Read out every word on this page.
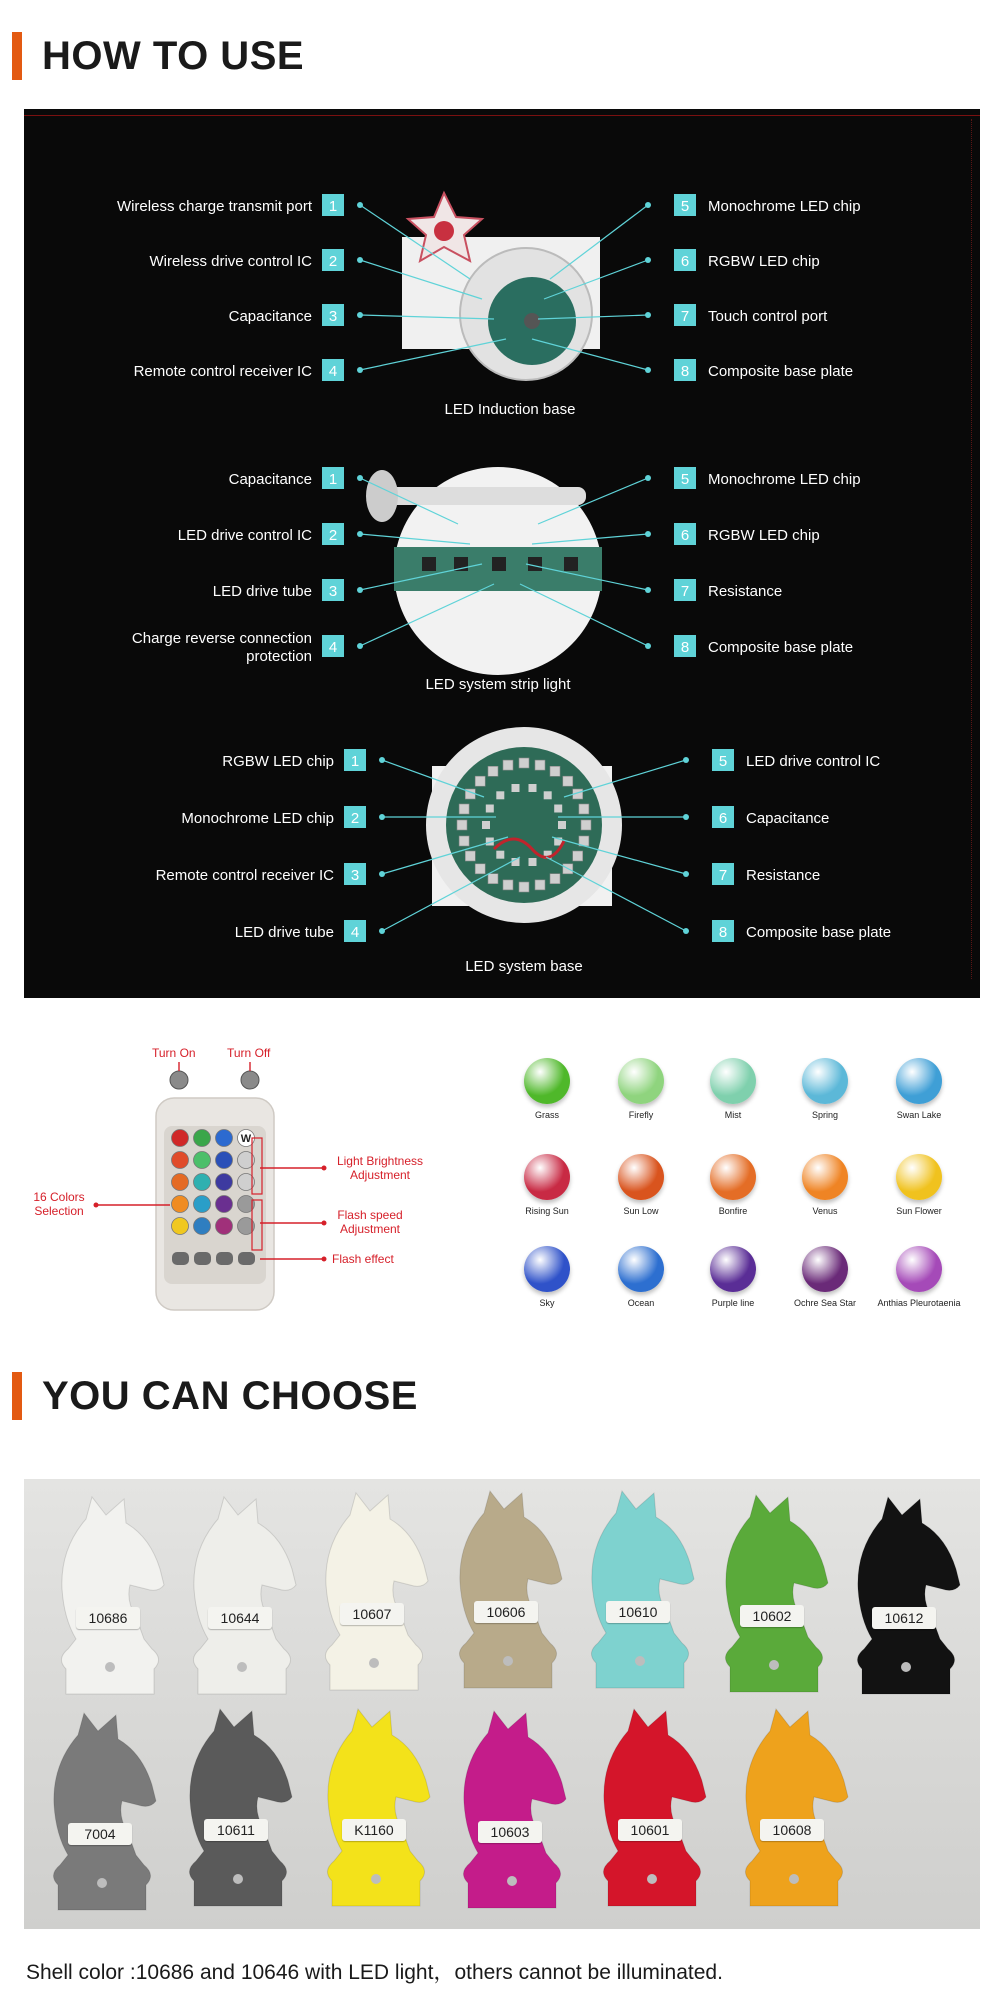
HOW TO USE
Wireless charge transmit port 1	5 Monochrome LED chip
Wireless drive control IC 2	6 RGBW LED chip
Capacitance 3	7 Touch control port
Remote control receiver IC 4	8 Composite base plate
LED Induction base
Capacitance 1	5 Monochrome LED chip
LED drive control IC 2	6 RGBW LED chip
LED drive tube 3	7 Resistance
Charge reverse connection
protection
4	8 Composite base plate
LED system strip light
RGBW LED chip 1	5 LED drive control IC
Monochrome LED chip 2	6 Capacitance
Remote control receiver IC 3	7 Resistance
LED drive tube 4	8 Composite base plate
LED system base
W
Turn On	Turn Off
16 Colors
Selection
Light Brightness
Adjustment
Flash speed
Adjustment
Flash effect
Grass	Firefly	Mist	Spring	Swan Lake
Rising Sun	Sun Low	Bonfire	Venus	Sun Flower
Sky	Ocean	Purple line	Ochre Sea Star	Anthias Pleurotaenia
YOU CAN CHOOSE

10686	10644	10607	10606	10610	10602	10612
7004	10611	K1160	10603	10601	10608
Shell color :10686 and 10646 with LED light，others cannot be illuminated.
